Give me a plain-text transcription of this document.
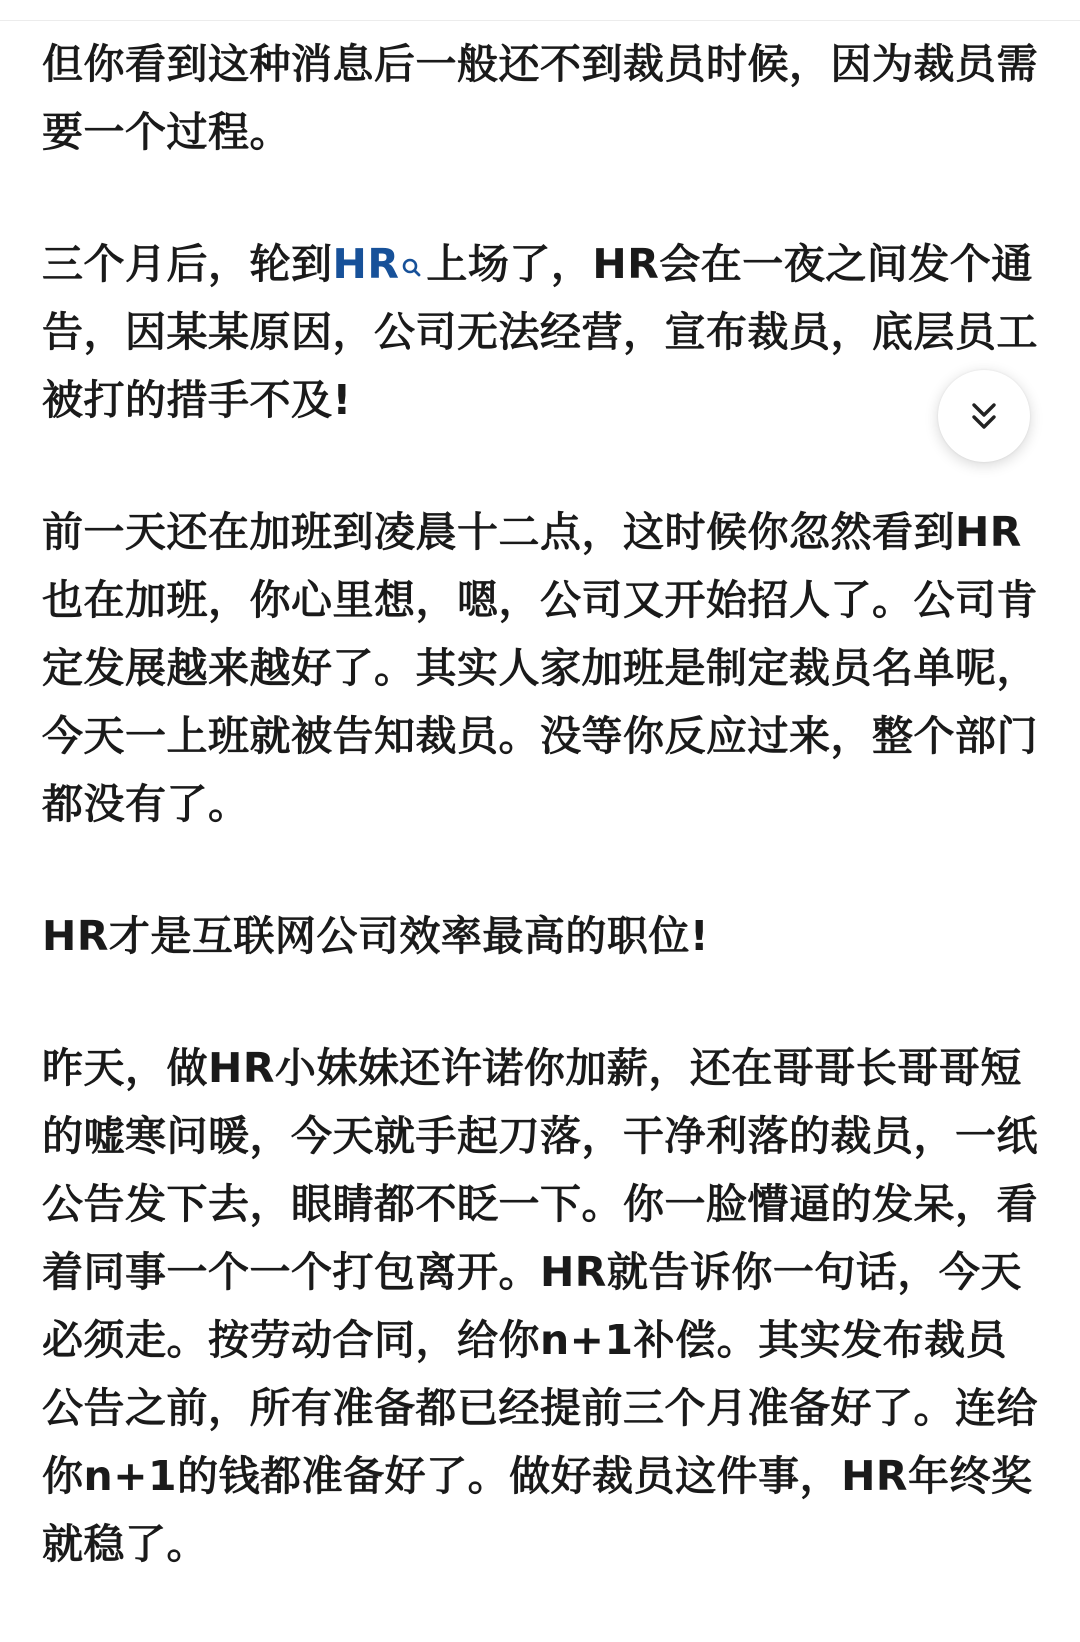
但你看到这种消息后一般还不到裁员时候，因为裁员需要一个过程。

三个月后，轮到HR 上场了，HR会在一夜之间发个通告，因某某原因，公司无法经营，宣布裁员，底层员工被打的措手不及!

前一天还在加班到凌晨十二点，这时候你忽然看到HR也在加班，你心里想，嗯，公司又开始招人了。公司肯定发展越来越好了。其实人家加班是制定裁员名单呢，今天一上班就被告知裁员。没等你反应过来，整个部门都没有了。

HR才是互联网公司效率最高的职位!

昨天，做HR小妹妹还许诺你加薪，还在哥哥长哥哥短的嘘寒问暖，今天就手起刀落，干净利落的裁员，一纸公告发下去，眼睛都不眨一下。你一脸懵逼的发呆，看着同事一个一个打包离开。HR就告诉你一句话，今天必须走。按劳动合同，给你n+1补偿。其实发布裁员公告之前，所有准备都已经提前三个月准备好了。连给你n+1的钱都准备好了。做好裁员这件事，HR年终奖就稳了。
